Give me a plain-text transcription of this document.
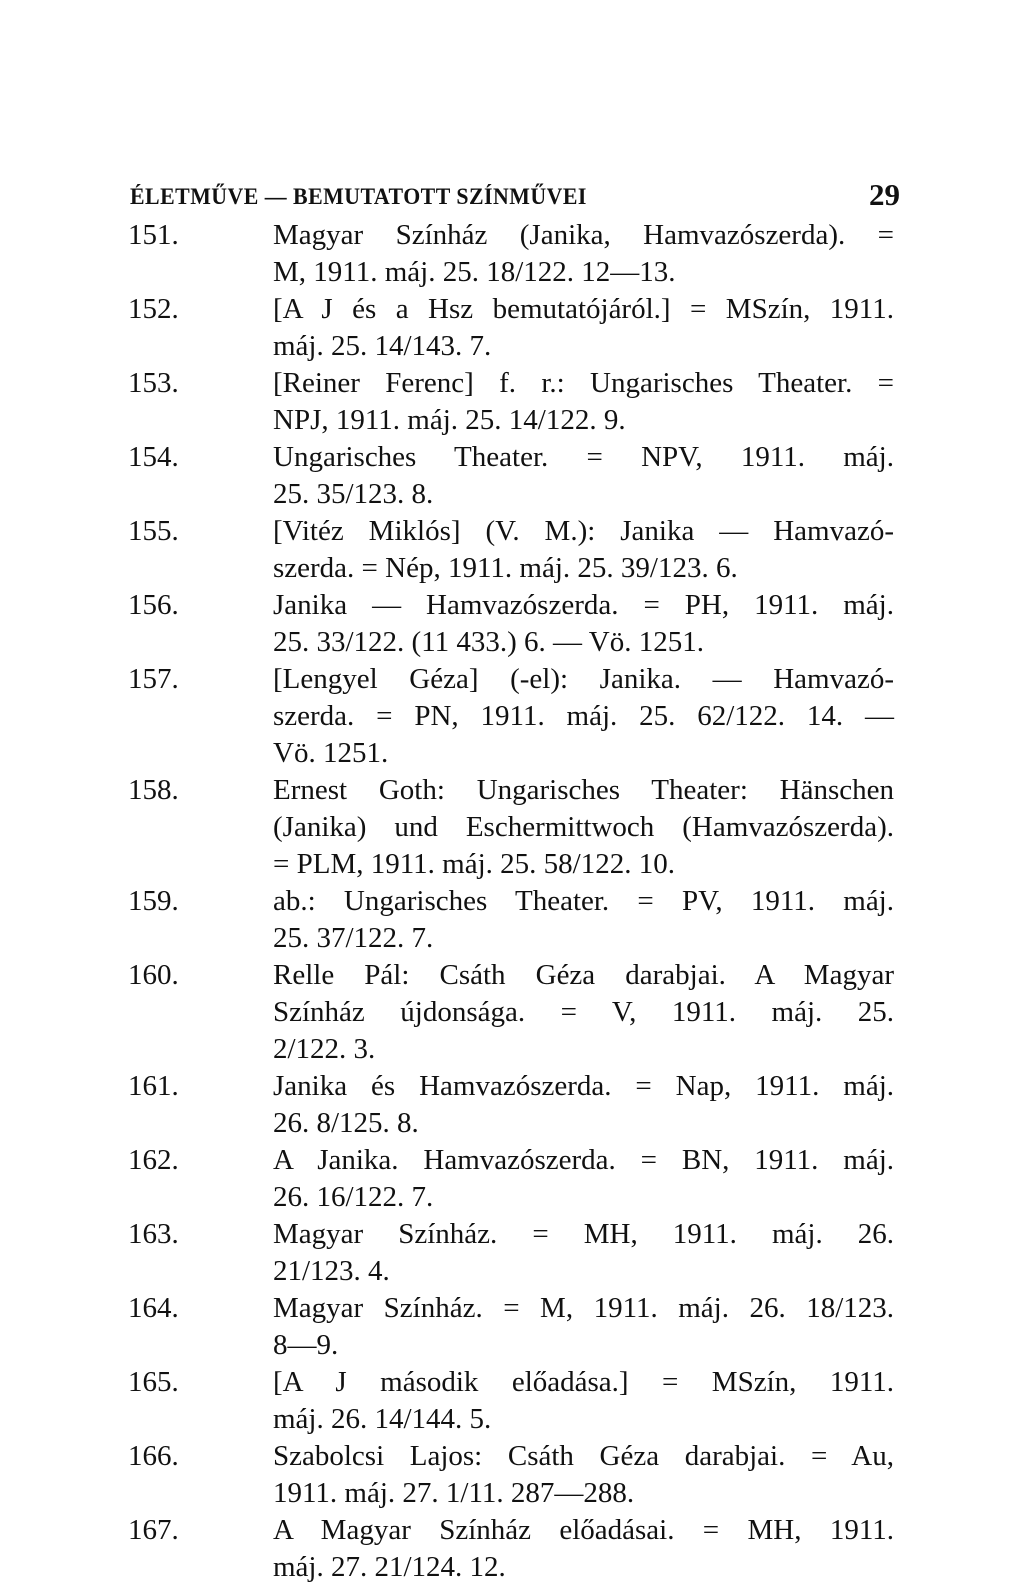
ÉLETMŰVE — BEMUTATOTT SZÍNMŰVEI	29
151.	Magyar Színház (Janika, Hamvazószerda). =
M, 1911. máj. 25. 18/122. 12—13.
152.	[A J és a Hsz bemutatójáról.] = MSzín, 1911.
máj. 25. 14/143. 7.
153.	[Reiner Ferenc] f. r.: Ungarisches Theater. =
NPJ, 1911. máj. 25. 14/122. 9.
154.	Ungarisches Theater. = NPV, 1911. máj.
25. 35/123. 8.
155.	[Vitéz Miklós] (V. M.): Janika — Hamvazó-
szerda. = Nép, 1911. máj. 25. 39/123. 6.
156.	Janika — Hamvazószerda. = PH, 1911. máj.
25. 33/122. (11 433.) 6. — Vö. 1251.
157.	[Lengyel Géza] (-el): Janika. — Hamvazó-
szerda. = PN, 1911. máj. 25. 62/122. 14. —
Vö. 1251.
158.	Ernest Goth: Ungarisches Theater: Hänschen
(Janika) und Eschermittwoch (Hamvazószerda).
= PLM, 1911. máj. 25. 58/122. 10.
159.	ab.: Ungarisches Theater. = PV, 1911. máj.
25. 37/122. 7.
160.	Relle Pál: Csáth Géza darabjai. A Magyar
Színház újdonsága. = V, 1911. máj. 25.
2/122. 3.
161.	Janika és Hamvazószerda. = Nap, 1911. máj.
26. 8/125. 8.
162.	A Janika. Hamvazószerda. = BN, 1911. máj.
26. 16/122. 7.
163.	Magyar Színház. = MH, 1911. máj. 26.
21/123. 4.
164.	Magyar Színház. = M, 1911. máj. 26. 18/123.
8—9.
165.	[A J második előadása.] = MSzín, 1911.
máj. 26. 14/144. 5.
166.	Szabolcsi Lajos: Csáth Géza darabjai. = Au,
1911. máj. 27. 1/11. 287—288.
167.	A Magyar Színház előadásai. = MH, 1911.
máj. 27. 21/124. 12.
